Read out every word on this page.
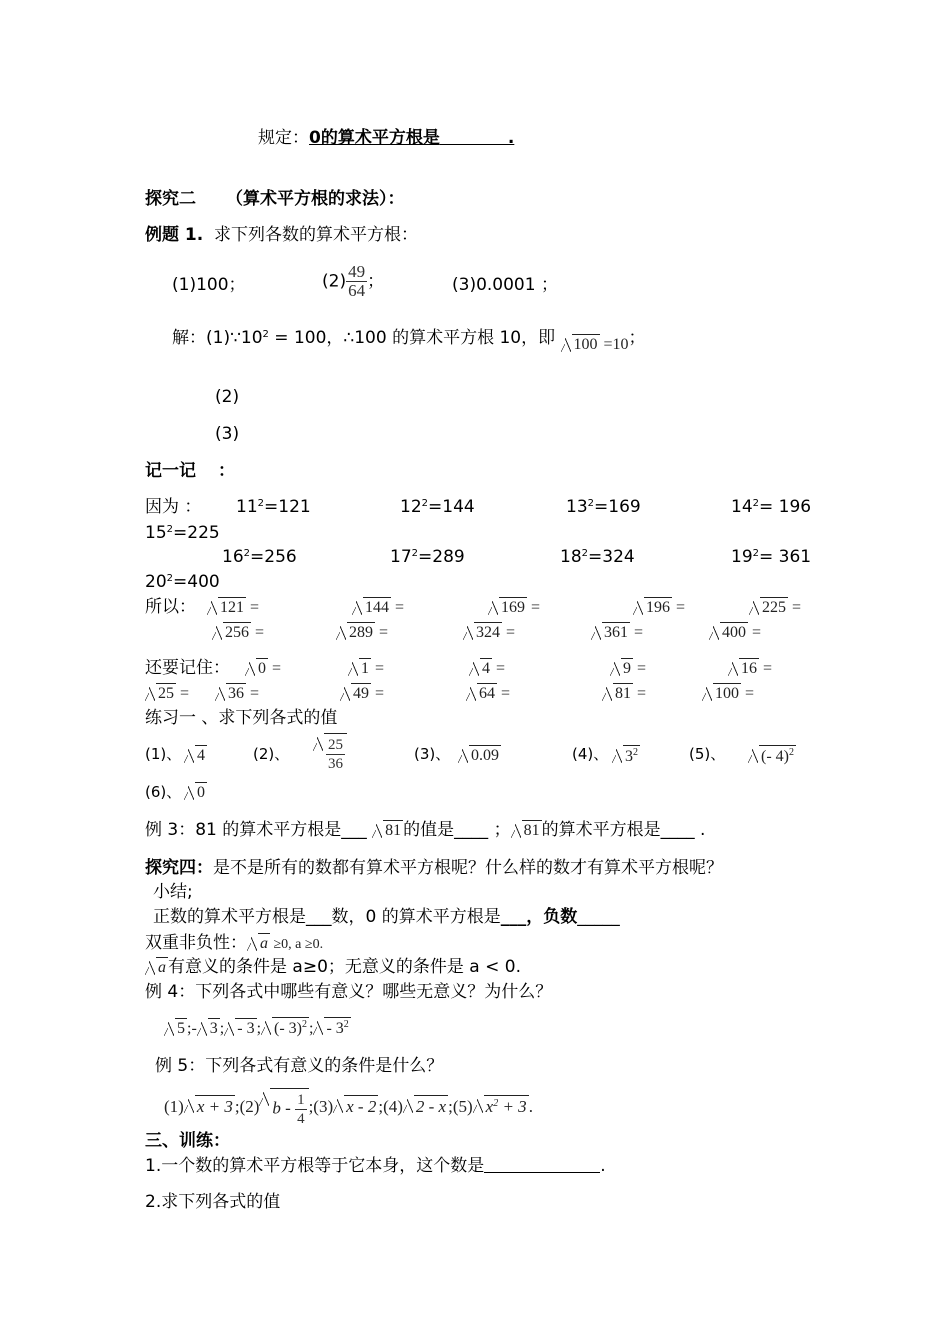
规定：0的算术平方根是	.
探究二 （算术平方根的求法）：
例题 1. 求下列各数的算术平方根：
(1)100；	$(2) \frac{49}{64}$ ；	(3)0.0001 ；
解：$(1)\because 10^2 = 100$，∴100 的算术平方根 10，即 100 =10；
(2)
(3)
记一记 ：
因为 ： $11^2=121$	$12^2=144$	$13^2=169$	$14^2= 196$
$15^2=225$
$16^2=256$	$17^2=289$	$18^2=324$	$19^2= 361$
$20^2=400$
所以：	121 =	144 =	169 =	196 =	225 =
256 =	289 =	324 =	361 =	400 =
还要记住：	0 =	1 =	4 =	9 =	16 =
25 =	36 =	49 =	64 =	81 =	100 =
练习一 、求下列各式的值
(1)、 4	(2)、 $\frac{25}{36}$	(3)、	0.09	(4)、	$3^2$	(5)、	(- 4)$^2$
(6)、 0
例 3：81 的算术平方根是___ 81 的值是____ ； 81 的算术平方根是____ .
探究四：是不是所有的数都有算术平方根呢？什么样的数才有算术平方根呢？
小结;
正数的算术平方根是___数，0 的算术平方根是___，负数_____
双重非负性： a ≥0, a ≥0.
a 有意义的条件是 a≥0；无意义的条件是 a < 0.
例 4：下列各式中哪些有意义？哪些无意义？为什么？
5 ;- 3 ; - 3 ; (- 3)$^2$ ; - $3^2$
例 5：下列各式有意义的条件是什么？
(1) x + 3 ;(2) b - $\frac{1}{4}$ ;(3) x - 2 ;(4) 2 - x ;(5) $x^2 + 3$ .
三、训练：
1.一个数的算术平方根等于它本身，这个数是	.
2.求下列各式的值
